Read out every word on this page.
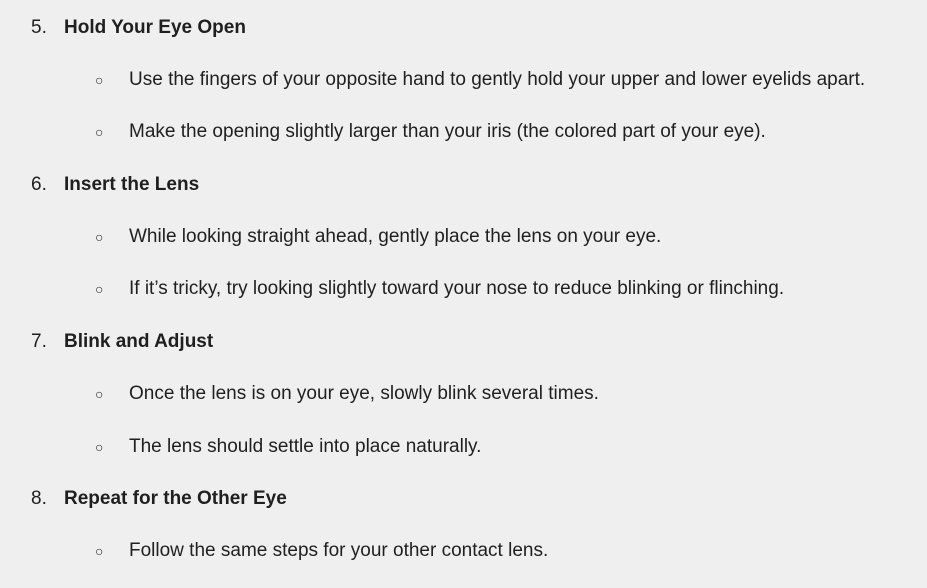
5. Hold Your Eye Open
○ Use the fingers of your opposite hand to gently hold your upper and lower eyelids apart.
○ Make the opening slightly larger than your iris (the colored part of your eye).
6. Insert the Lens
○ While looking straight ahead, gently place the lens on your eye.
○ If it’s tricky, try looking slightly toward your nose to reduce blinking or flinching.
7. Blink and Adjust
○ Once the lens is on your eye, slowly blink several times.
○ The lens should settle into place naturally.
8. Repeat for the Other Eye
○ Follow the same steps for your other contact lens.
